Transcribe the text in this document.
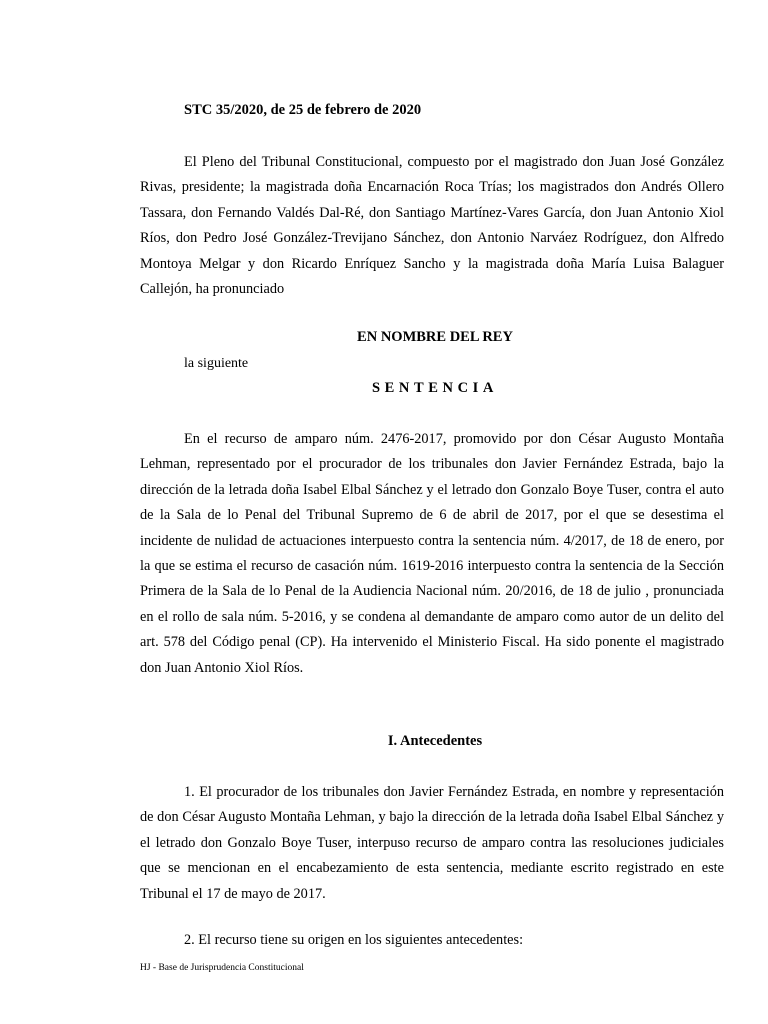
STC 35/2020, de 25 de febrero de 2020
El Pleno del Tribunal Constitucional, compuesto por el magistrado don Juan José González Rivas, presidente; la magistrada doña Encarnación Roca Trías; los magistrados don Andrés Ollero Tassara, don Fernando Valdés Dal-Ré, don Santiago Martínez-Vares García, don Juan Antonio Xiol Ríos, don Pedro José González-Trevijano Sánchez, don Antonio Narváez Rodríguez, don Alfredo Montoya Melgar y don Ricardo Enríquez Sancho y la magistrada doña María Luisa Balaguer Callejón, ha pronunciado
EN NOMBRE DEL REY
la siguiente
SENTENCIA
En el recurso de amparo núm. 2476-2017, promovido por don César Augusto Montaña Lehman, representado por el procurador de los tribunales don Javier Fernández Estrada, bajo la dirección de la letrada doña Isabel Elbal Sánchez y el letrado don Gonzalo Boye Tuser, contra el auto de la Sala de lo Penal del Tribunal Supremo de 6 de abril de 2017, por el que se desestima el incidente de nulidad de actuaciones interpuesto contra la sentencia núm. 4/2017, de 18 de enero, por la que se estima el recurso de casación núm. 1619-2016 interpuesto contra la sentencia de la Sección Primera de la Sala de lo Penal de la Audiencia Nacional núm. 20/2016, de 18 de julio , pronunciada en el rollo de sala núm. 5-2016, y se condena al demandante de amparo como autor de un delito del art. 578 del Código penal (CP). Ha intervenido el Ministerio Fiscal. Ha sido ponente el magistrado don Juan Antonio Xiol Ríos.
I. Antecedentes
1. El procurador de los tribunales don Javier Fernández Estrada, en nombre y representación de don César Augusto Montaña Lehman, y bajo la dirección de la letrada doña Isabel Elbal Sánchez y el letrado don Gonzalo Boye Tuser, interpuso recurso de amparo contra las resoluciones judiciales que se mencionan en el encabezamiento de esta sentencia, mediante escrito registrado en este Tribunal el 17 de mayo de 2017.
2. El recurso tiene su origen en los siguientes antecedentes:
HJ - Base de Jurisprudencia Constitucional
